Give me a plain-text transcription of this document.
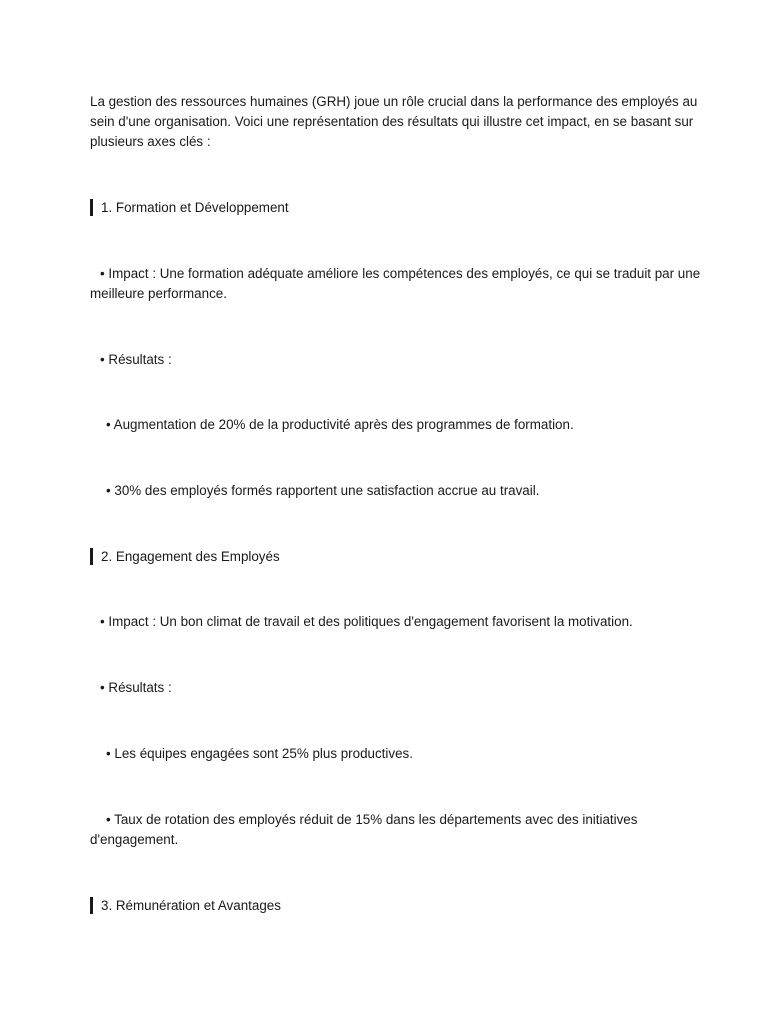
La gestion des ressources humaines (GRH) joue un rôle crucial dans la performance des employés au
sein d'une organisation. Voici une représentation des résultats qui illustre cet impact, en se basant sur
plusieurs axes clés :
1. Formation et Développement
• Impact : Une formation adéquate améliore les compétences des employés, ce qui se traduit par une
meilleure performance.
• Résultats :
• Augmentation de 20% de la productivité après des programmes de formation.
• 30% des employés formés rapportent une satisfaction accrue au travail.
2. Engagement des Employés
• Impact : Un bon climat de travail et des politiques d'engagement favorisent la motivation.
• Résultats :
• Les équipes engagées sont 25% plus productives.
• Taux de rotation des employés réduit de 15% dans les départements avec des initiatives
d'engagement.
3. Rémunération et Avantages
